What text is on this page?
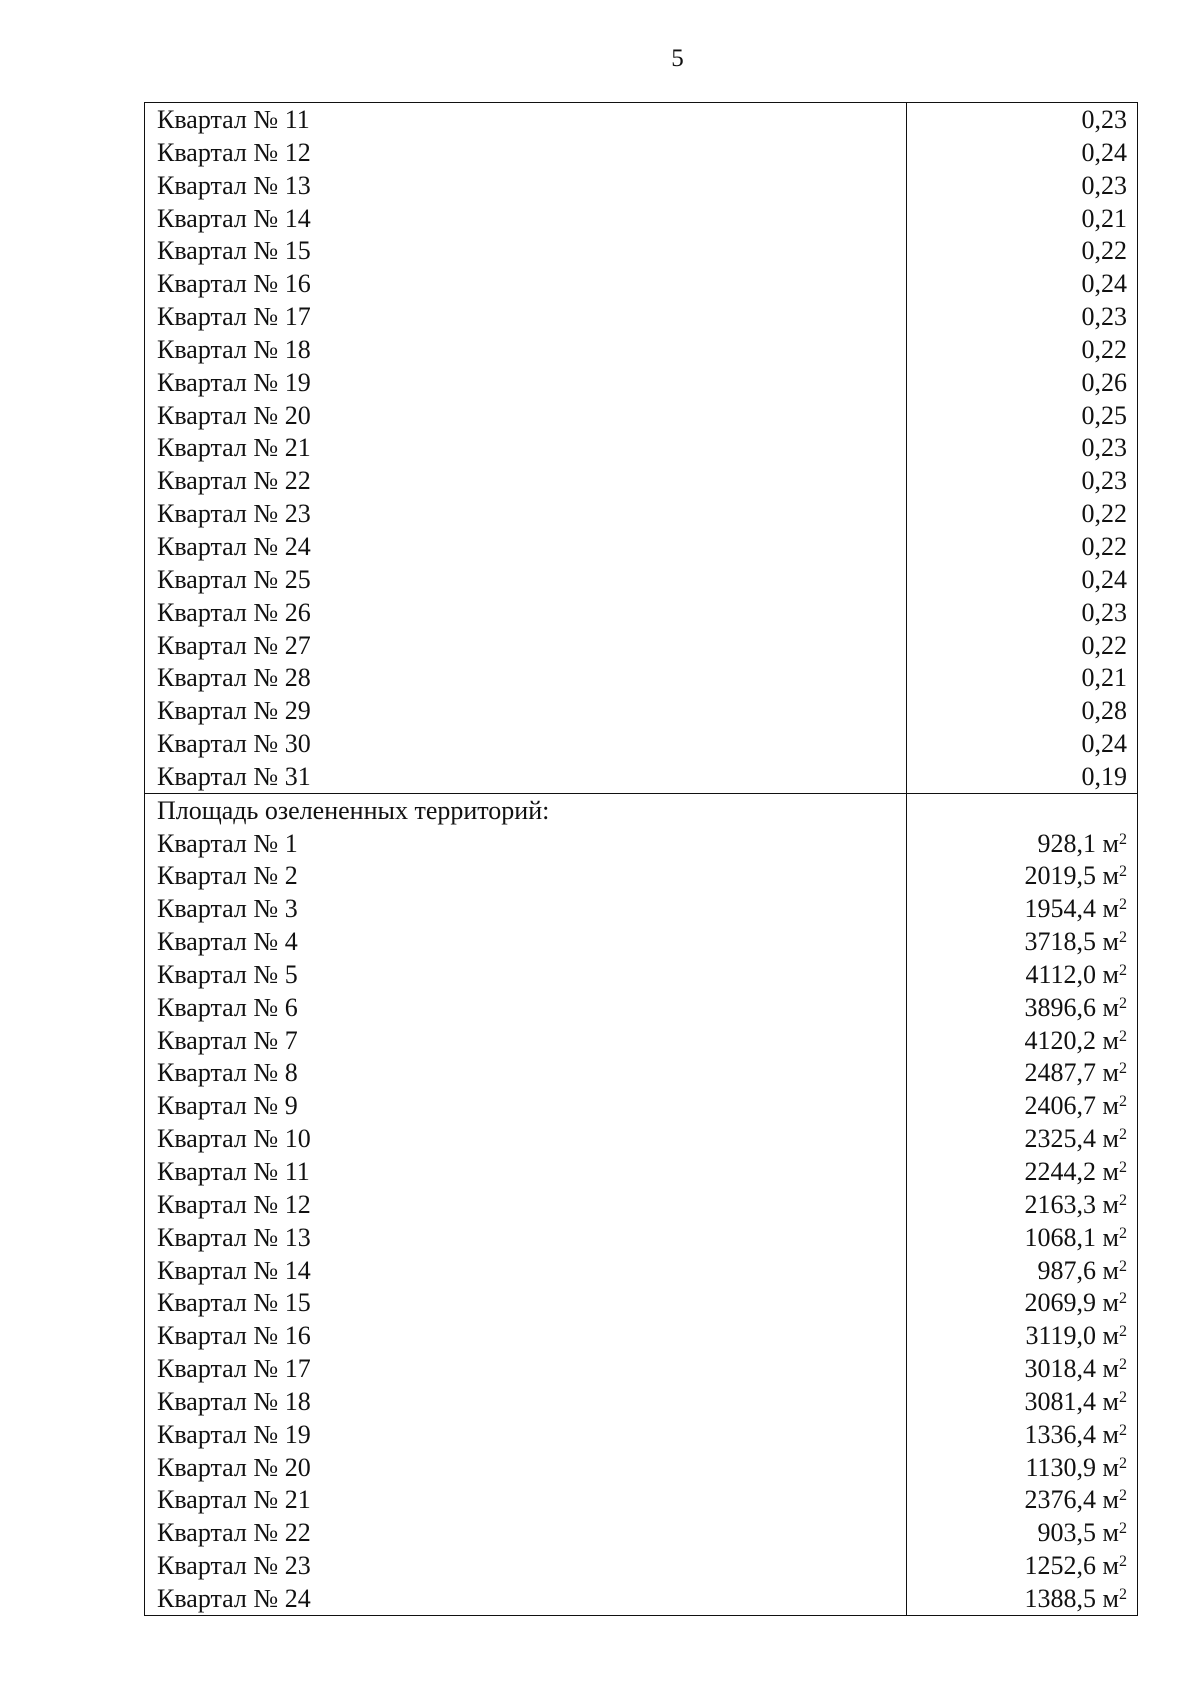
5
Квартал № 11
Квартал № 12
Квартал № 13
Квартал № 14
Квартал № 15
Квартал № 16
Квартал № 17
Квартал № 18
Квартал № 19
Квартал № 20
Квартал № 21
Квартал № 22
Квартал № 23
Квартал № 24
Квартал № 25
Квартал № 26
Квартал № 27
Квартал № 28
Квартал № 29
Квартал № 30
Квартал № 31
0,23
0,24
0,23
0,21
0,22
0,24
0,23
0,22
0,26
0,25
0,23
0,23
0,22
0,22
0,24
0,23
0,22
0,21
0,28
0,24
0,19
Площадь озелененных территорий:
Квартал № 1
Квартал № 2
Квартал № 3
Квартал № 4
Квартал № 5
Квартал № 6
Квартал № 7
Квартал № 8
Квартал № 9
Квартал № 10
Квартал № 11
Квартал № 12
Квартал № 13
Квартал № 14
Квартал № 15
Квартал № 16
Квартал № 17
Квартал № 18
Квартал № 19
Квартал № 20
Квартал № 21
Квартал № 22
Квартал № 23
Квартал № 24
928,1 $м^2$
2019,5 $м^2$
1954,4 $м^2$
3718,5 $м^2$
4112,0 $м^2$
3896,6 $м^2$
4120,2 $м^2$
2487,7 $м^2$
2406,7 $м^2$
2325,4 $м^2$
2244,2 $м^2$
2163,3 $м^2$
1068,1 $м^2$
987,6 $м^2$
2069,9 $м^2$
3119,0 $м^2$
3018,4 $м^2$
3081,4 $м^2$
1336,4 $м^2$
1130,9 $м^2$
2376,4 $м^2$
903,5 $м^2$
1252,6 $м^2$
1388,5 $м^2$
